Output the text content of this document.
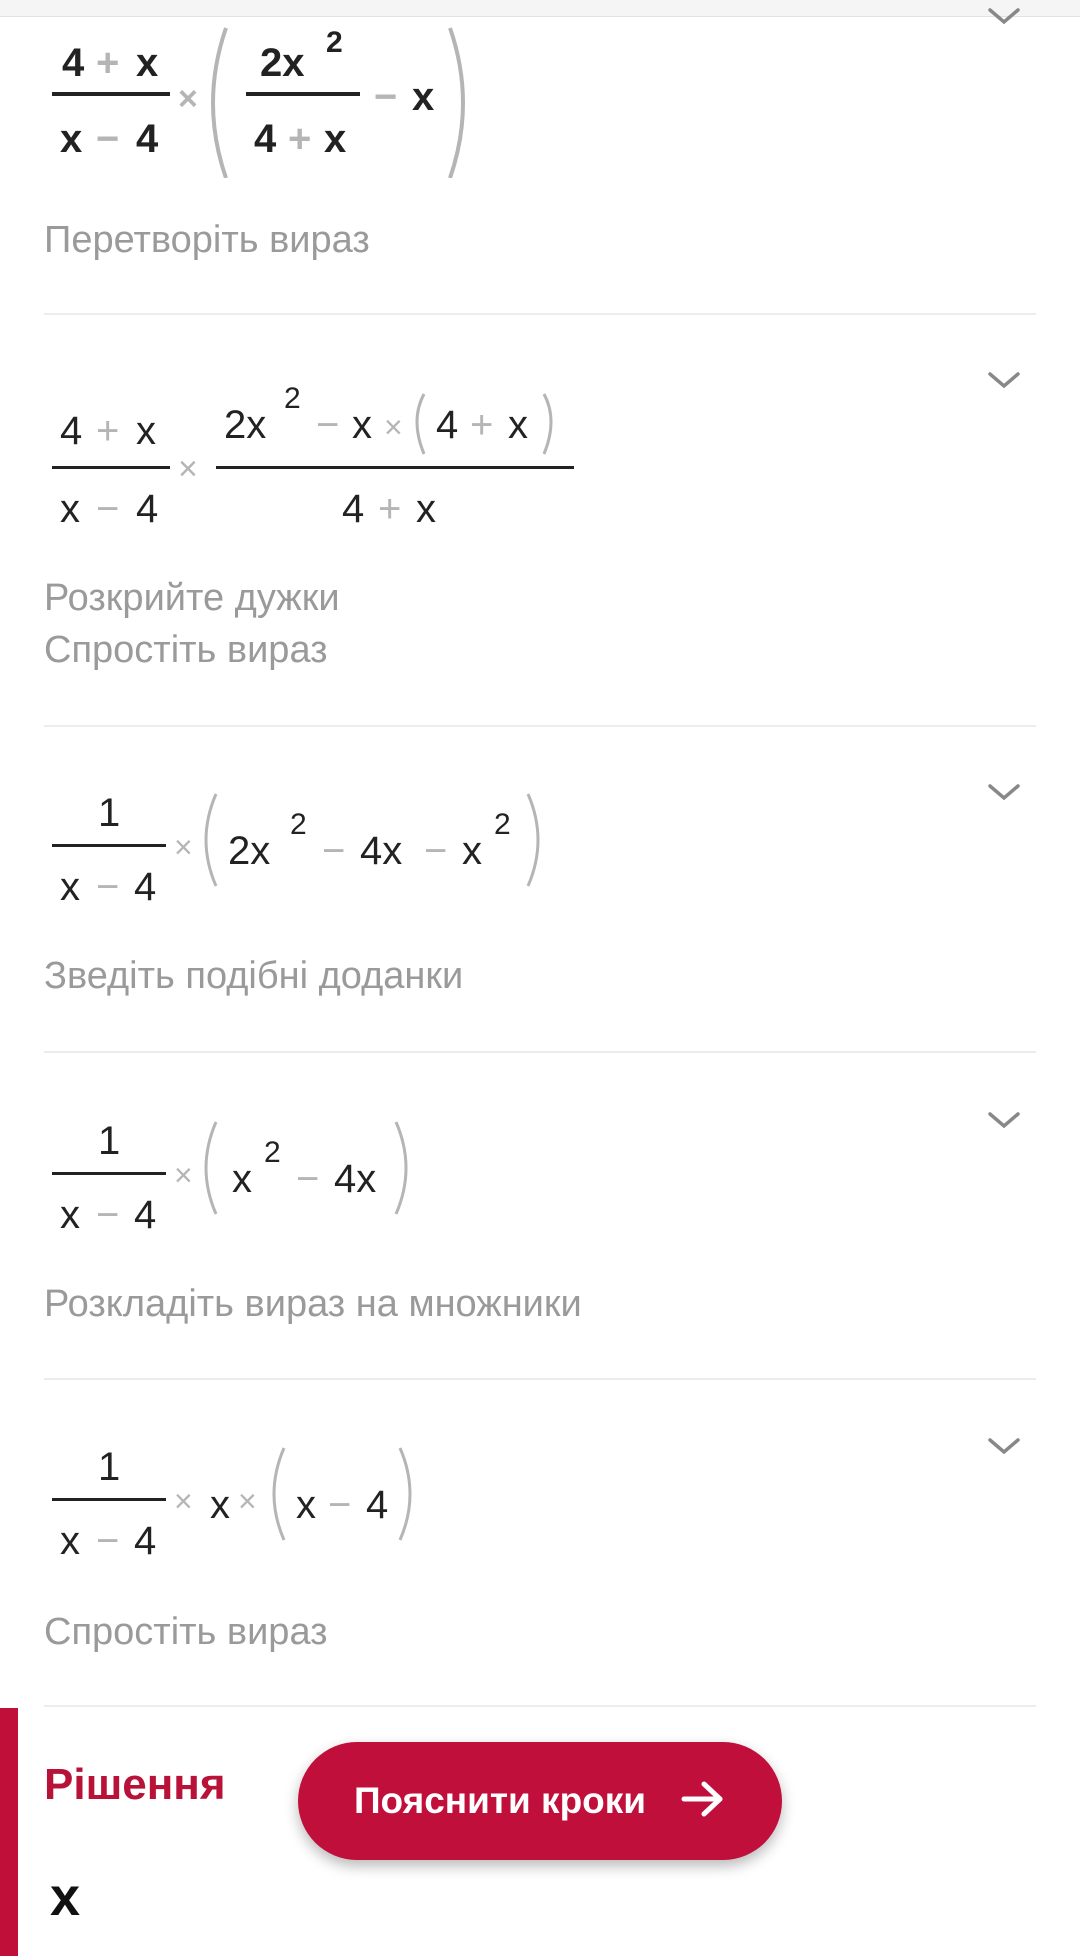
4 + x
x − 4
×
2x 2
4 + x
− x
Перетворіть вираз
4 + x
x − 4
×
2x
2
− x × 4 + x
4 + x
Розкрийте дужки
Спростіть вираз
1
x − 4
× 2x
2
− 4x − x
2
Зведіть подібні доданки
1
x − 4
× x
2
− 4x
Розкладіть вираз на множники
1
x − 4
× x × x − 4
Спростіть вираз
Рішення
x
Пояснити кроки
